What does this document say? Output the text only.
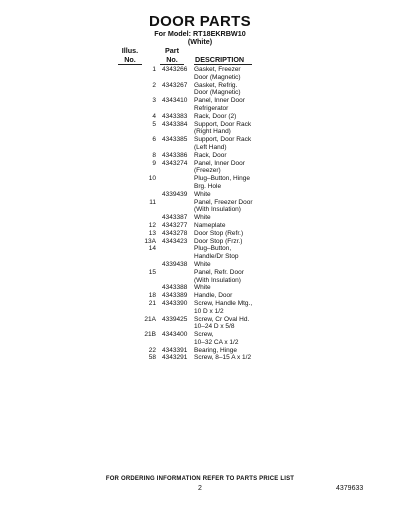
DOOR PARTS
For Model: RT18EKRBW10
(White)
Illus.
No.
Part
No.	DESCRIPTION
1 4343266	Gasket, Freezer
Door (Magnetic)
2 4343267	Gasket, Refrig.
Door (Magnetic)
3 4343410	Panel, Inner Door
Refrigerator
4 4343383	Rack, Door (2)
5 4343384	Support, Door Rack
(Right Hand)
6 4343385	Support, Door Rack
(Left Hand)
8 4343386	Rack, Door
9 4343274	Panel, Inner Door
(Freezer)
10	Plug–Button, Hinge
Brg. Hole
4339439	White
11	Panel, Freezer Door
(With Insulation)
4343387	White
12 4343277	Nameplate
13 4343278	Door Stop (Refr.)
13A 4343423	Door Stop (Frzr.)
14	Plug–Button,
Handle/Dr Stop
4339438	White
15	Panel, Refr. Door
(With Insulation)
4343388	White
18 4343389	Handle, Door
21 4343390	Screw, Handle Mtg.,
10 D x 1/2
21A 4339425	Screw, Cr Oval Hd.
10–24 D x 5/8
21B 4343400	Screw,
10–32 CA x 1/2
22 4343391	Bearing, Hinge
58 4343291	Screw, 8–15 A x 1/2
FOR ORDERING INFORMATION REFER TO PARTS PRICE LIST
2	4379633
